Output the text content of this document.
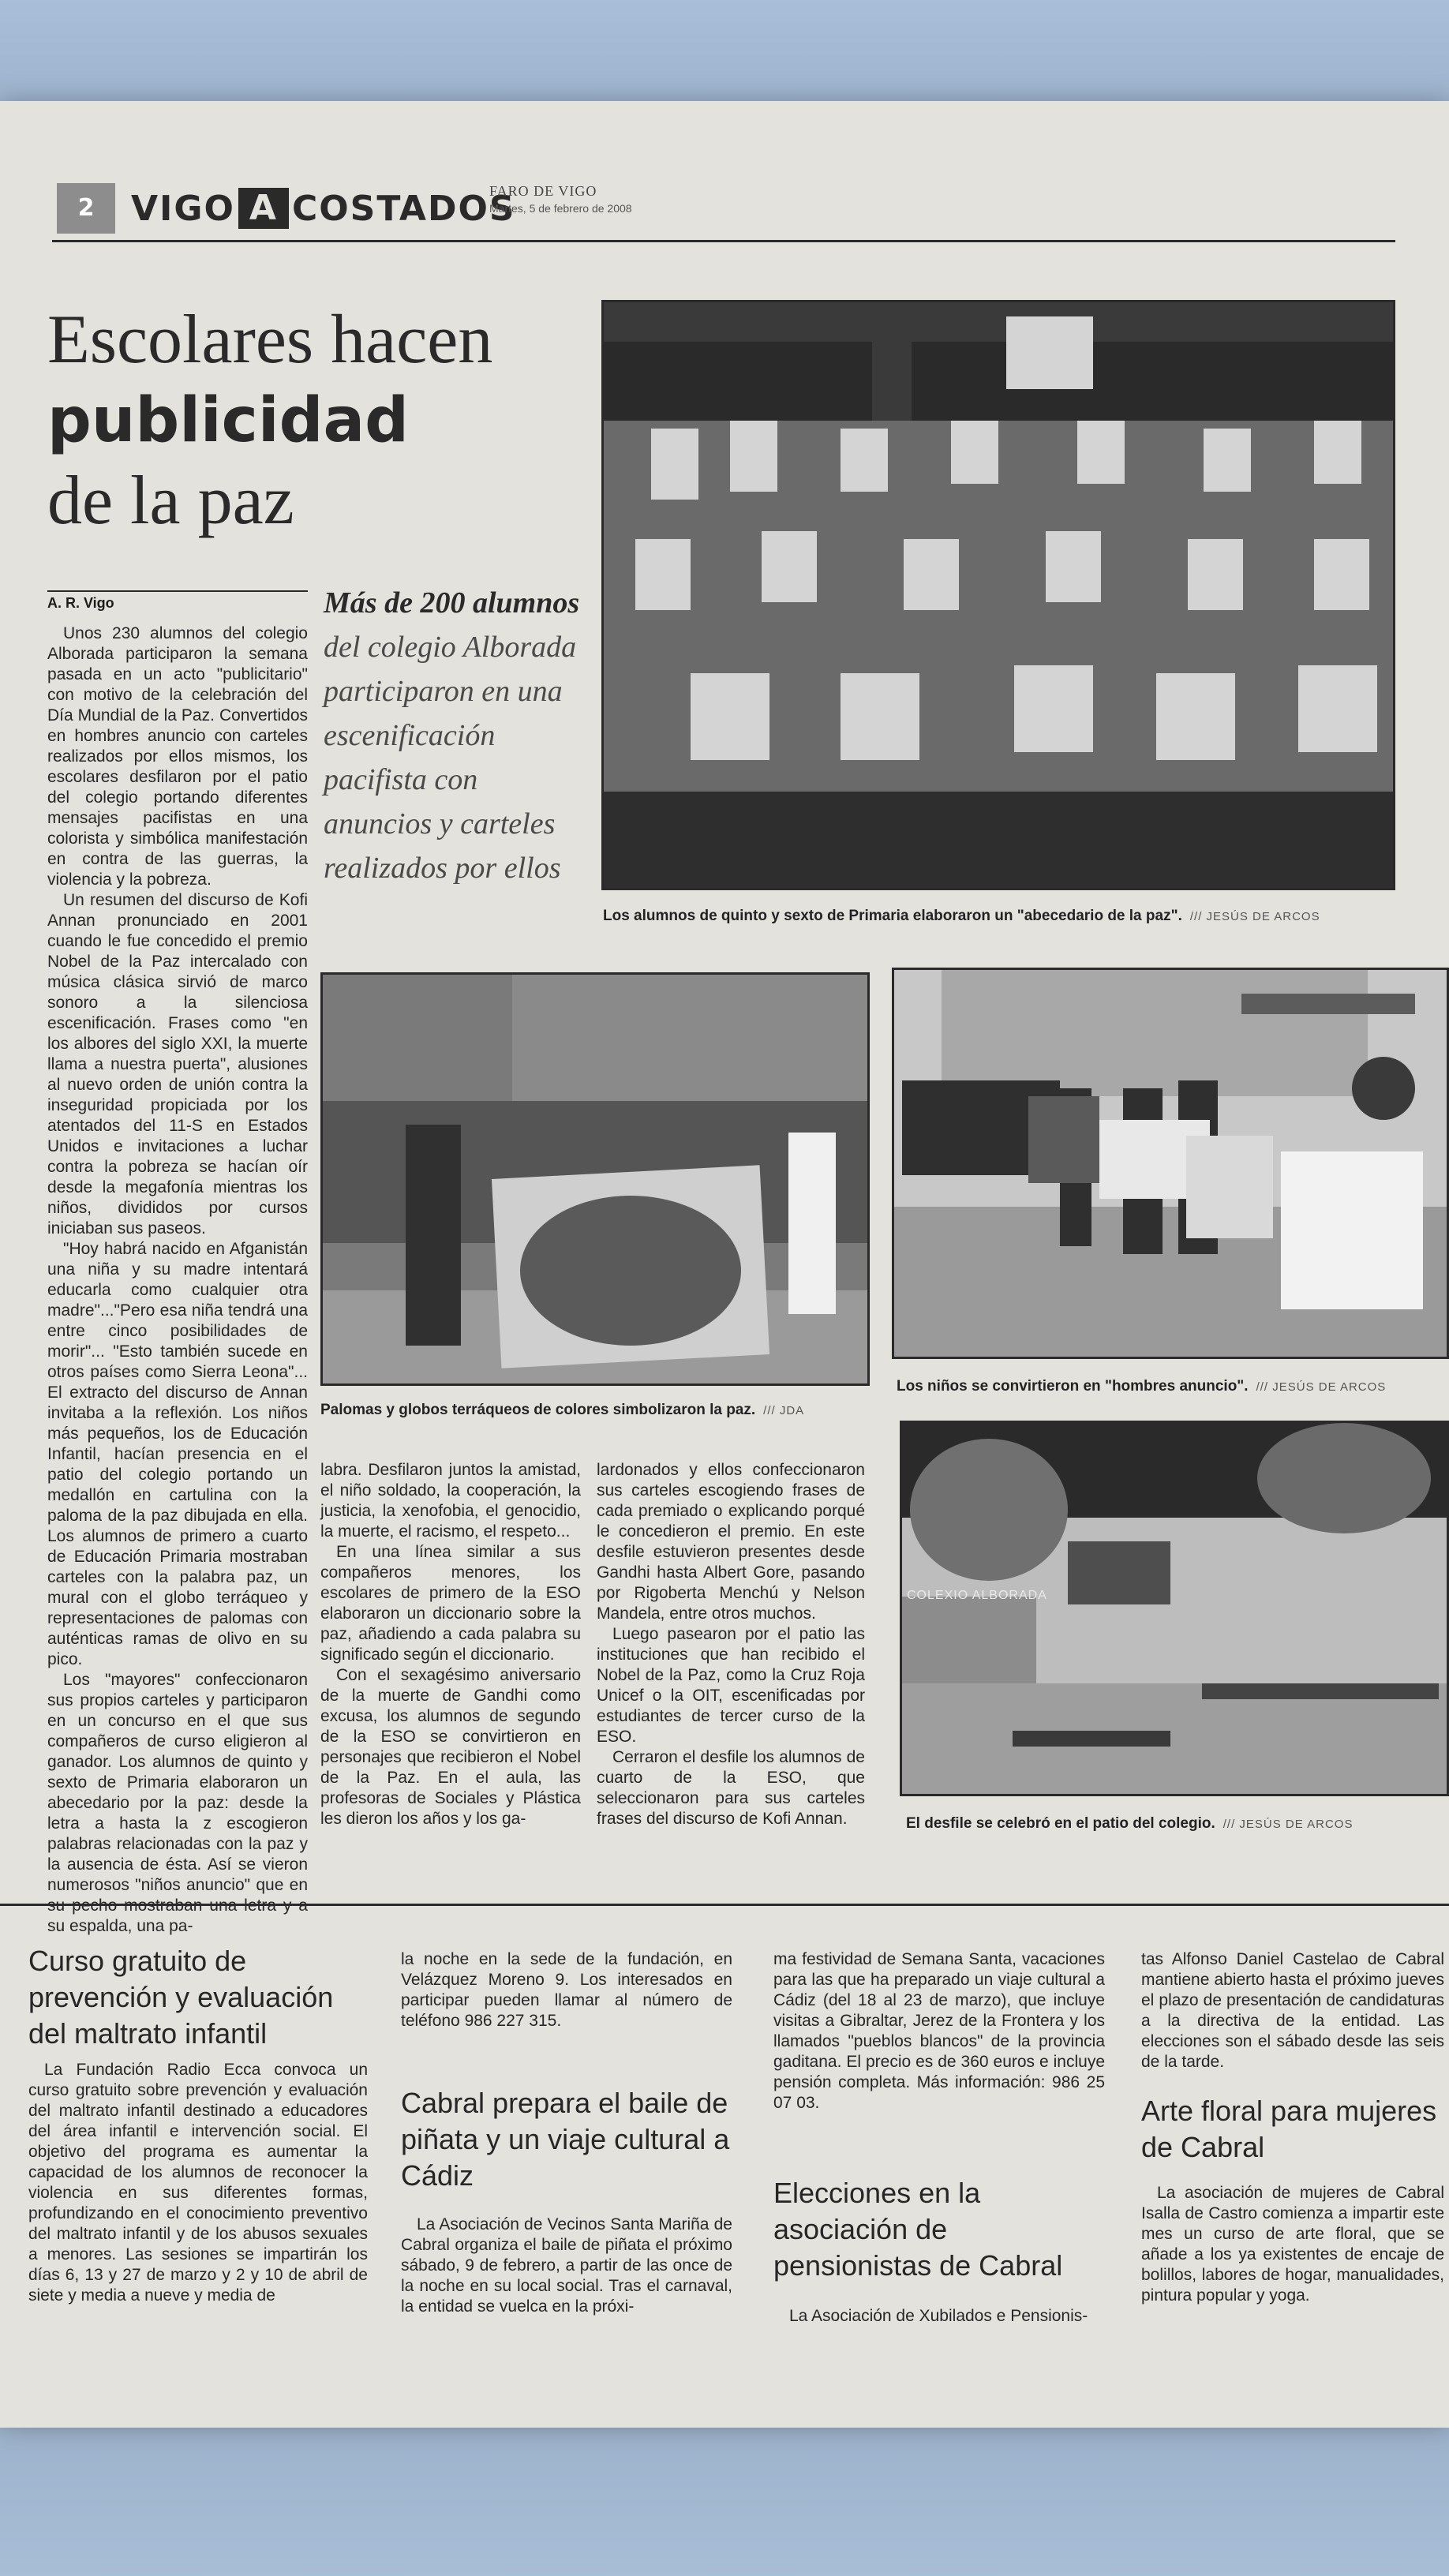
2	VIGO A COSTADOS
FARO DE VIGO
Martes, 5 de febrero de 2008
Escolares hacen
publicidad
de la paz
A. R. Vigo	Más de 200 alumnos del colegio Alborada participaron en una escenificación pacifista con anuncios y carteles realizados por ellos

Unos 230 alumnos del colegio Alborada participaron la semana pasada en un acto "publicitario" con motivo de la celebración del Día Mundial de la Paz. Convertidos en hombres anuncio con carteles realizados por ellos mismos, los escolares desfilaron por el patio del colegio portando diferentes mensajes pacifistas en una colorista y simbólica manifestación en contra de las guerras, la violencia y la pobreza.

Un resumen del discurso de Kofi Annan pronunciado en 2001 cuando le fue concedido el premio Nobel de la Paz intercalado con música clásica sirvió de marco sonoro a la silenciosa escenificación. Frases como "en los albores del siglo XXI, la muerte llama a nuestra puerta", alusiones al nuevo orden de unión contra la inseguridad propiciada por los atentados del 11-S en Estados Unidos e invitaciones a luchar contra la pobreza se hacían oír desde la megafonía mientras los niños, divididos por cursos iniciaban sus paseos.

"Hoy habrá nacido en Afganistán una niña y su madre intentará educarla como cualquier otra madre"..."Pero esa niña tendrá una entre cinco posibilidades de morir"... "Esto también sucede en otros países como Sierra Leona"... El extracto del discurso de Annan invitaba a la reflexión. Los niños más pequeños, los de Educación Infantil, hacían presencia en el patio del colegio portando un medallón en cartulina con la paloma de la paz dibujada en ella. Los alumnos de primero a cuarto de Educación Primaria mostraban carteles con la palabra paz, un mural con el globo terráqueo y representaciones de palomas con auténticas ramas de olivo en su pico.

Los "mayores" confeccionaron sus propios carteles y participaron en un concurso en el que sus compañeros de curso eligieron al ganador. Los alumnos de quinto y sexto de Primaria elaboraron un abecedario por la paz: desde la letra a hasta la z escogieron palabras relacionadas con la paz y la ausencia de ésta. Así se vieron numerosos "niños anuncio" que en su espalda, una pa-

Los alumnos de quinto y sexto de Primaria elaboraron un "abecedario de la paz". /// JESÚS DE ARCOS
Palomas y globos terráqueos de colores simbolizaron la paz. /// JDA
Los niños se convirtieron en "hombres anuncio". /// JESÚS DE ARCOS

labra. Desfilaron juntos la amistad, el niño soldado, la cooperación, la justicia, la xenofobia, el genocidio, la muerte, el racismo, el respeto...

En una línea similar a sus compañeros menores, los escolares de primero de la ESO elaboraron un diccionario sobre la paz, añadiendo a cada palabra su significado según el diccionario.

Con el sexagésimo aniversario de la muerte de Gandhi como excusa, los alumnos de segundo de la ESO se convirtieron en personajes que recibieron el Nobel de la Paz. En el aula, las profesoras de Sociales y Plástica les dieron los años y los ga-

lardonados y ellos confeccionaron sus carteles escogiendo frases de cada premiado o explicando porqué le concedieron el premio. En este desfile estuvieron presentes desde Gandhi hasta Albert Gore, pasando por Rigoberta Menchú y Nelson Mandela, entre otros muchos.

Luego pasearon por el patio las instituciones que han recibido el Nobel de la Paz, como la Cruz Roja Unicef o la OIT, escenificadas por estudiantes de tercer curso de la ESO.

Cerraron el desfile los alumnos de cuarto de la ESO, que seleccionaron para sus carteles frases del discurso de Kofi Annan.

COLEXIO ALBORADA
El desfile se celebró en el patio del colegio. /// JESÚS DE ARCOS
Curso gratuito de prevención y evaluación del maltrato infantil

La Fundación Radio Ecca convoca un curso gratuito sobre prevención y evaluación del maltrato infantil destinado a educadores del área infantil e intervención social. El objetivo del programa es aumentar la capacidad de los alumnos de reconocer la violencia en sus diferentes formas, profundizando en el conocimiento preventivo del maltrato infantil y de los abusos sexuales a menores. Las sesiones se impartirán los días 6, 13 y 27 de marzo y 2 y 10 de abril de siete y media a nueve y media de

la noche en la sede de la fundación, en Velázquez Moreno 9. Los interesados en participar pueden llamar al número de teléfono 986 227 315.

Cabral prepara el baile de piñata y un viaje cultural a Cádiz

La Asociación de Vecinos Santa Mariña de Cabral organiza el baile de piñata el próximo sábado, 9 de febrero, a partir de las once de la noche en su local social. Tras el carnaval, la entidad se vuelca en la próxi-

ma festividad de Semana Santa, vacaciones para las que ha preparado un viaje cultural a Cádiz (del 18 al 23 de marzo), que incluye visitas a Gibraltar, Jerez de la Frontera y los llamados "pueblos blancos" de la provincia gaditana. El precio es de 360 euros e incluye pensión completa. Más información: 986 25 07 03.

Elecciones en la asociación de pensionistas de Cabral

La Asociación de Xubilados e Pensionis-

tas Alfonso Daniel Castelao de Cabral mantiene abierto hasta el próximo jueves el plazo de presentación de candidaturas a la directiva de la entidad. Las elecciones son el sábado desde las seis de la tarde.

Arte floral para mujeres de Cabral

La asociación de mujeres de Cabral Isalla de Castro comienza a impartir este mes un curso de arte floral, que se añade a los ya existentes de encaje de bolillos, labores de hogar, manualidades, pintura popular y yoga.
